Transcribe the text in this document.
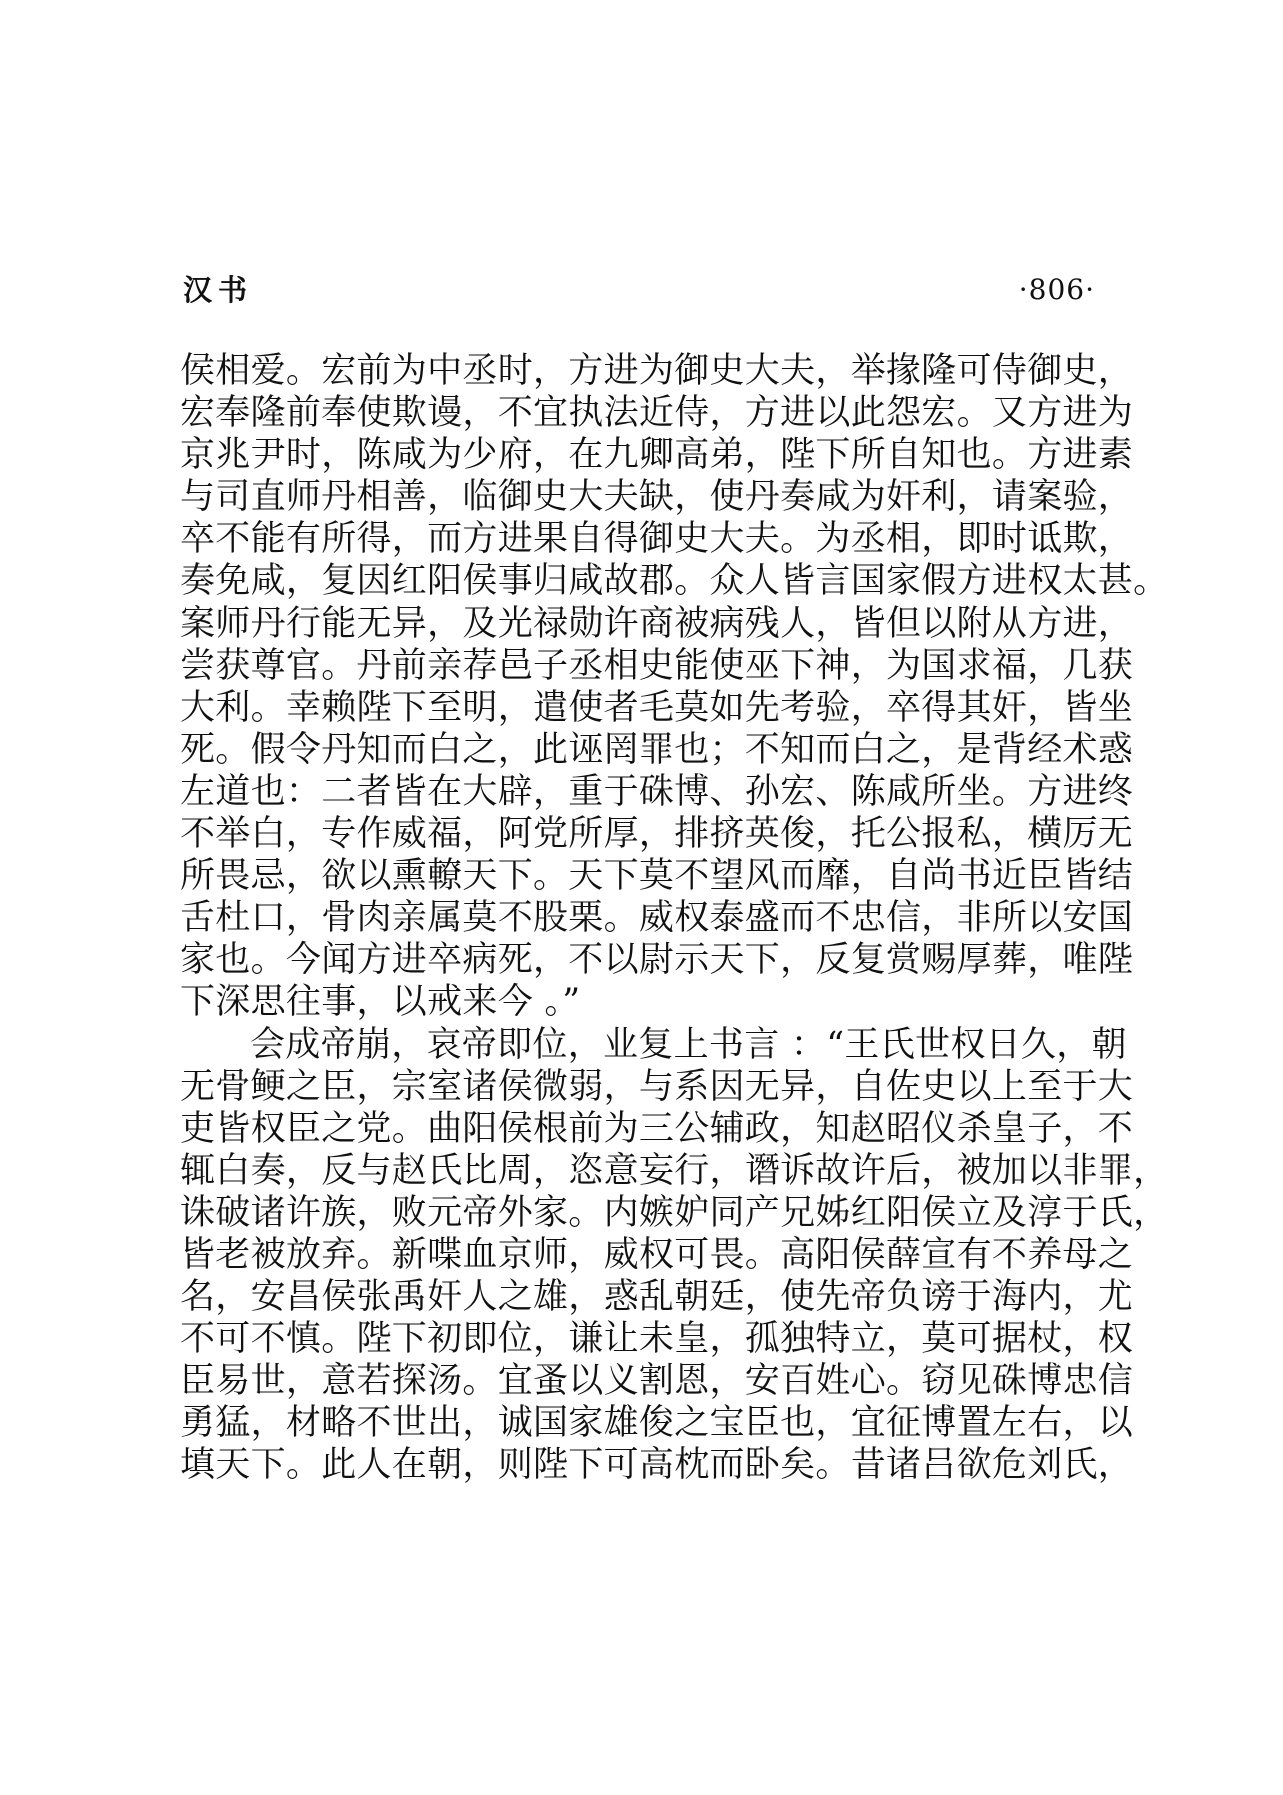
汉书	·806·
侯相爱。宏前为中丞时，方进为御史大夫，举掾隆可侍御史，
宏奉隆前奉使欺谩，不宜执法近侍，方进以此怨宏。又方进为
京兆尹时，陈咸为少府，在九卿高弟，陛下所自知也。方进素
与司直师丹相善，临御史大夫缺，使丹奏咸为奸利，请案验，
卒不能有所得，而方进果自得御史大夫。为丞相，即时诋欺，
奏免咸，复因红阳侯事归咸故郡。众人皆言国家假方进权太甚。
案师丹行能无异，及光禄勋许商被病残人，皆但以附从方进，
尝获尊官。丹前亲荐邑子丞相史能使巫下神，为国求福，几获
大利。幸赖陛下至明，遣使者毛莫如先考验，卒得其奸，皆坐
死。假令丹知而白之，此诬罔罪也；不知而白之，是背经术惑
左道也：二者皆在大辟，重于硃博、孙宏、陈咸所坐。方进终
不举白，专作威福，阿党所厚，排挤英俊，托公报私，横厉无
所畏忌，欲以熏轑天下。天下莫不望风而靡，自尚书近臣皆结
舌杜口，骨肉亲属莫不股栗。威权泰盛而不忠信，非所以安国
家也。今闻方进卒病死，不以尉示天下，反复赏赐厚葬，唯陛
下深思往事，以戒来今 。”
会成帝崩，哀帝即位，业复上书言 ：“王氏世权日久，朝
无骨鲠之臣，宗室诸侯微弱，与系因无异，自佐史以上至于大
吏皆权臣之党。曲阳侯根前为三公辅政，知赵昭仪杀皇子，不
辄白奏，反与赵氏比周，恣意妄行，谮诉故许后，被加以非罪，
诛破诸许族，败元帝外家。内嫉妒同产兄姊红阳侯立及淳于氏，
皆老被放弃。新喋血京师，威权可畏。高阳侯薛宣有不养母之
名，安昌侯张禹奸人之雄，惑乱朝廷，使先帝负谤于海内，尤
不可不慎。陛下初即位，谦让未皇，孤独特立，莫可据杖，权
臣易世，意若探汤。宜蚤以义割恩，安百姓心。窃见硃博忠信
勇猛，材略不世出，诚国家雄俊之宝臣也，宜征博置左右，以
填天下。此人在朝，则陛下可高枕而卧矣。昔诸吕欲危刘氏，
